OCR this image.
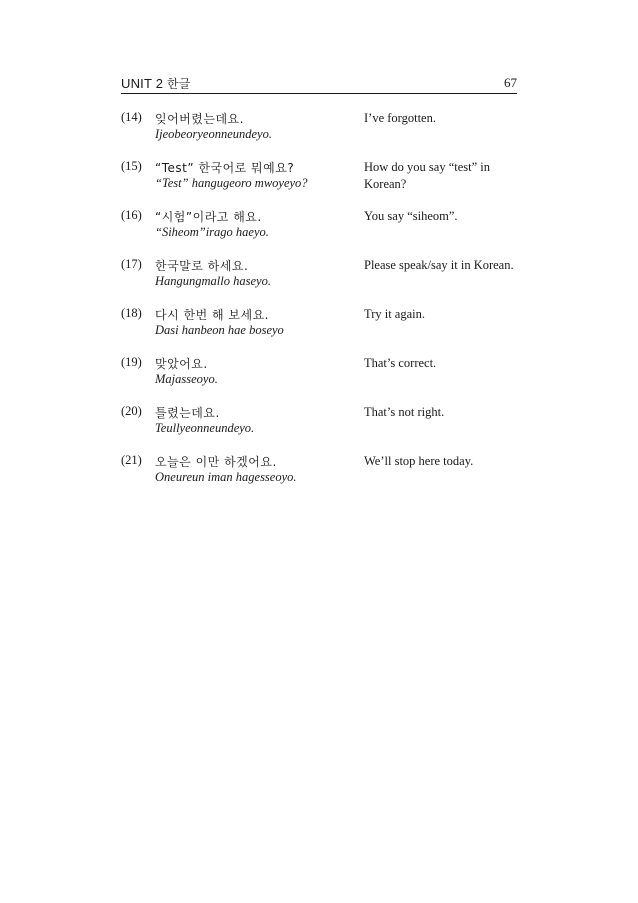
UNIT 2 한글	67
(14) 잊어버렸는데요.
Ijeobeoryeonneundeyo.
I’ve forgotten.
(15) “Test” 한국어로 뭐예요?
“Test” hangugeoro mwoyeyo?
How do you say “test” in Korean?
(16) “시험”이라고 해요.
“Siheom”irago haeyo.
You say “siheom”.
(17) 한국말로 하세요.
Hangungmallo haseyo.
Please speak/say it in Korean.
(18) 다시 한번 해 보세요.
Dasi hanbeon hae boseyo
Try it again.
(19) 맞았어요.
Majasseoyo.
That’s correct.
(20) 틀렸는데요.
Teullyeonneundeyo.
That’s not right.
(21) 오늘은 이만 하겠어요.
Oneureun iman hagesseoyo.
We’ll stop here today.
